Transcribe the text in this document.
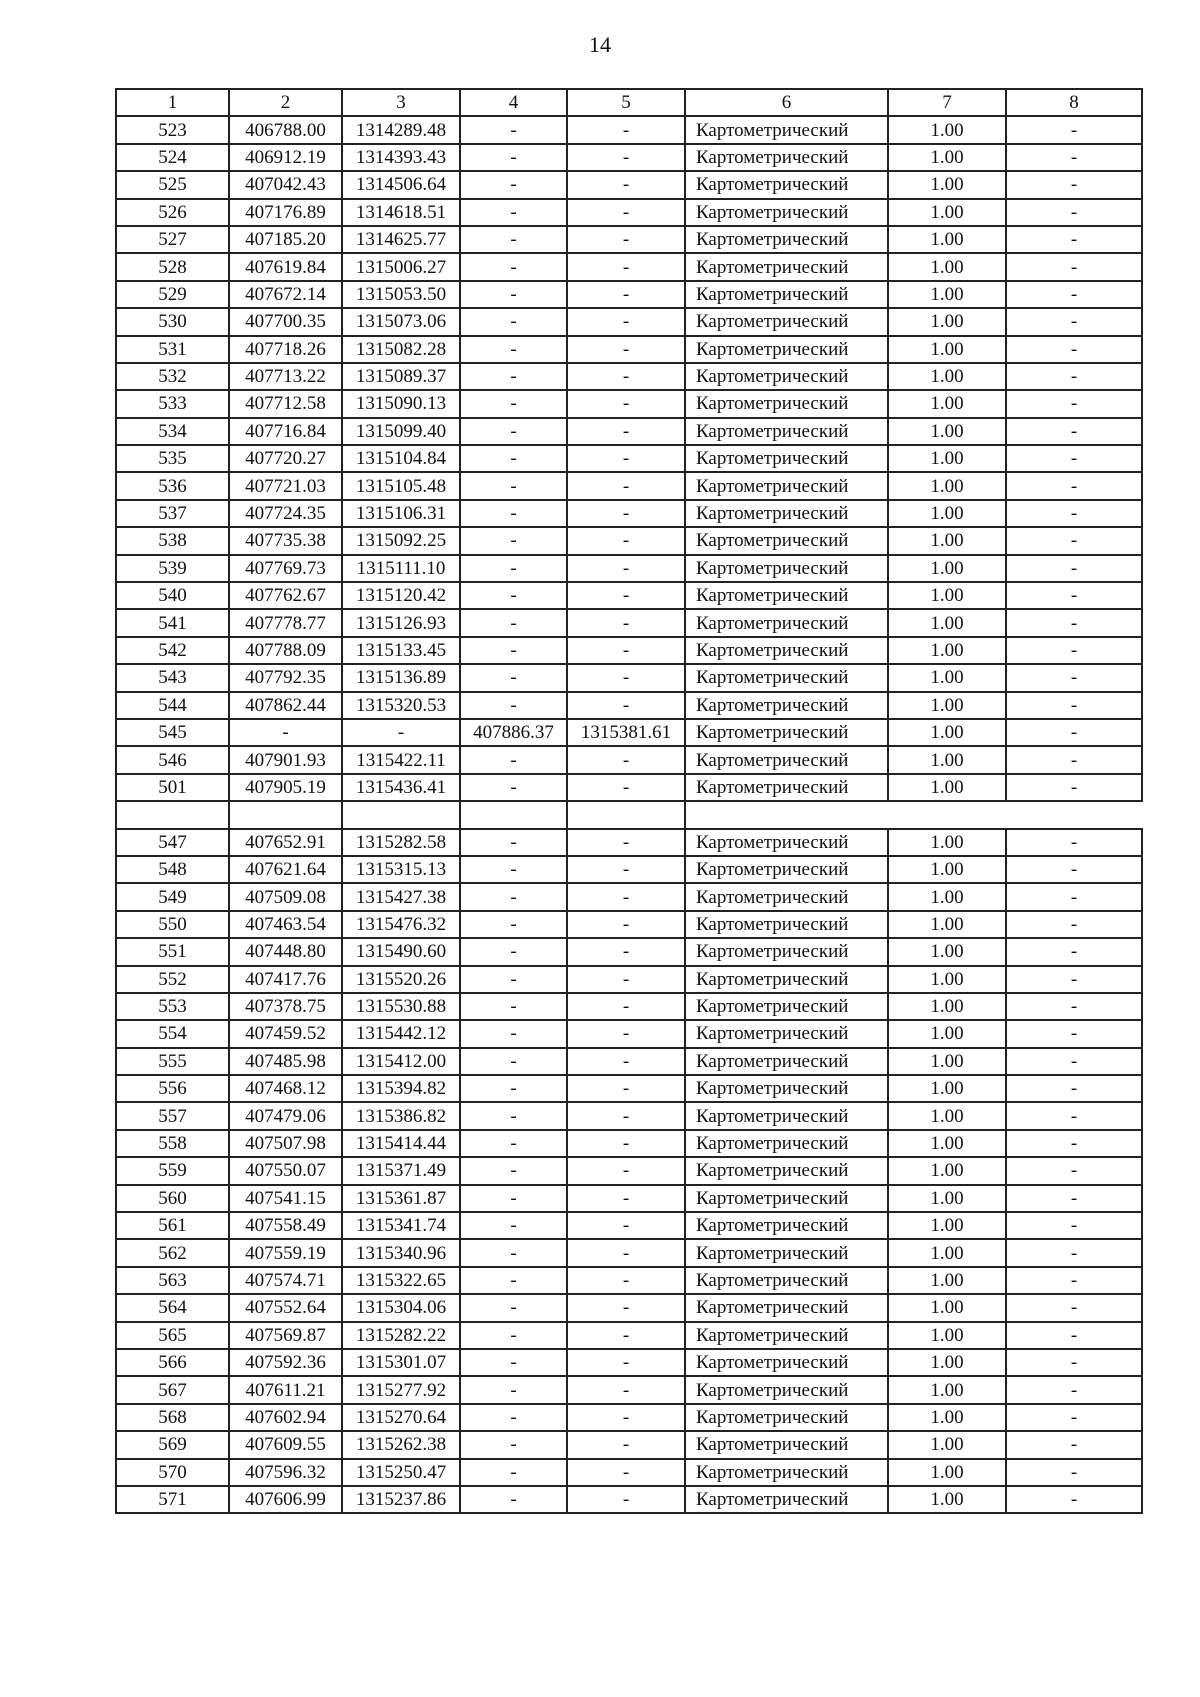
14
1	2	3	4	5	6	7	8
523	406788.00	1314289.48	-	-	Картометрический	1.00	-
524	406912.19	1314393.43	-	-	Картометрический	1.00	-
525	407042.43	1314506.64	-	-	Картометрический	1.00	-
526	407176.89	1314618.51	-	-	Картометрический	1.00	-
527	407185.20	1314625.77	-	-	Картометрический	1.00	-
528	407619.84	1315006.27	-	-	Картометрический	1.00	-
529	407672.14	1315053.50	-	-	Картометрический	1.00	-
530	407700.35	1315073.06	-	-	Картометрический	1.00	-
531	407718.26	1315082.28	-	-	Картометрический	1.00	-
532	407713.22	1315089.37	-	-	Картометрический	1.00	-
533	407712.58	1315090.13	-	-	Картометрический	1.00	-
534	407716.84	1315099.40	-	-	Картометрический	1.00	-
535	407720.27	1315104.84	-	-	Картометрический	1.00	-
536	407721.03	1315105.48	-	-	Картометрический	1.00	-
537	407724.35	1315106.31	-	-	Картометрический	1.00	-
538	407735.38	1315092.25	-	-	Картометрический	1.00	-
539	407769.73	1315111.10	-	-	Картометрический	1.00	-
540	407762.67	1315120.42	-	-	Картометрический	1.00	-
541	407778.77	1315126.93	-	-	Картометрический	1.00	-
542	407788.09	1315133.45	-	-	Картометрический	1.00	-
543	407792.35	1315136.89	-	-	Картометрический	1.00	-
544	407862.44	1315320.53	-	-	Картометрический	1.00	-
545	-	-	407886.37	1315381.61	Картометрический	1.00	-
546	407901.93	1315422.11	-	-	Картометрический	1.00	-
501	407905.19	1315436.41	-	-	Картометрический	1.00	-

547	407652.91	1315282.58	-	-	Картометрический	1.00	-
548	407621.64	1315315.13	-	-	Картометрический	1.00	-
549	407509.08	1315427.38	-	-	Картометрический	1.00	-
550	407463.54	1315476.32	-	-	Картометрический	1.00	-
551	407448.80	1315490.60	-	-	Картометрический	1.00	-
552	407417.76	1315520.26	-	-	Картометрический	1.00	-
553	407378.75	1315530.88	-	-	Картометрический	1.00	-
554	407459.52	1315442.12	-	-	Картометрический	1.00	-
555	407485.98	1315412.00	-	-	Картометрический	1.00	-
556	407468.12	1315394.82	-	-	Картометрический	1.00	-
557	407479.06	1315386.82	-	-	Картометрический	1.00	-
558	407507.98	1315414.44	-	-	Картометрический	1.00	-
559	407550.07	1315371.49	-	-	Картометрический	1.00	-
560	407541.15	1315361.87	-	-	Картометрический	1.00	-
561	407558.49	1315341.74	-	-	Картометрический	1.00	-
562	407559.19	1315340.96	-	-	Картометрический	1.00	-
563	407574.71	1315322.65	-	-	Картометрический	1.00	-
564	407552.64	1315304.06	-	-	Картометрический	1.00	-
565	407569.87	1315282.22	-	-	Картометрический	1.00	-
566	407592.36	1315301.07	-	-	Картометрический	1.00	-
567	407611.21	1315277.92	-	-	Картометрический	1.00	-
568	407602.94	1315270.64	-	-	Картометрический	1.00	-
569	407609.55	1315262.38	-	-	Картометрический	1.00	-
570	407596.32	1315250.47	-	-	Картометрический	1.00	-
571	407606.99	1315237.86	-	-	Картометрический	1.00	-
